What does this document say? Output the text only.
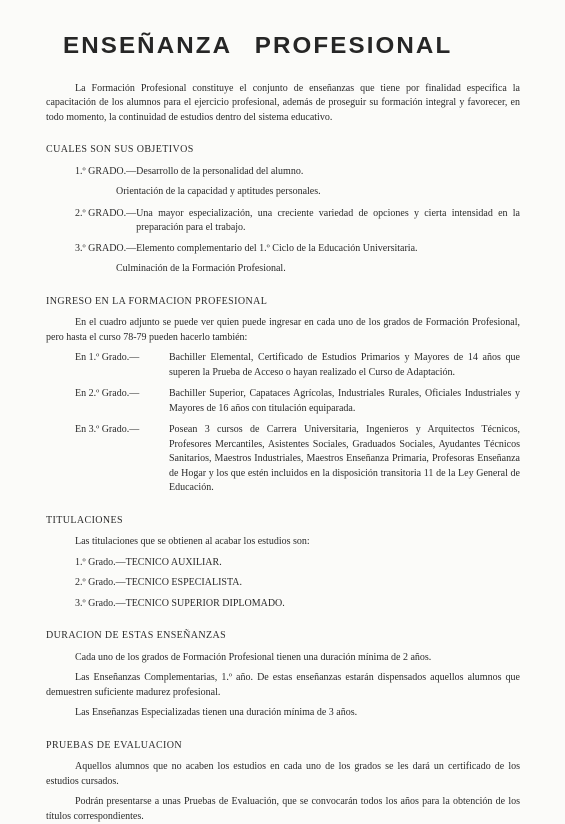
ENSEÑANZA PROFESIONAL

La Formación Profesional constituye el conjunto de enseñanzas que tiene por finalidad específica la capacitación de los alumnos para el ejercicio profesional, además de proseguir su formación integral y favorecer, en todo momento, la continuidad de estudios dentro del sistema educativo.

CUALES SON SUS OBJETIVOS

1.º GRADO.— Desarrollo de la personalidad del alumno.

Orientación de la capacidad y aptitudes personales.

2.º GRADO.— Una mayor especialización, una creciente variedad de opciones y cierta intensidad en la preparación para el trabajo.
3.º GRADO.— Elemento complementario del 1.º Ciclo de la Educación Universitaria.

Culminación de la Formación Profesional.

INGRESO EN LA FORMACION PROFESIONAL

En el cuadro adjunto se puede ver quien puede ingresar en cada uno de los grados de Formación Profesional, pero hasta el curso 78-79 pueden hacerlo también:

En 1.º Grado.—	Bachiller Elemental, Certificado de Estudios Primarios y Mayores de 14 años que superen la Prueba de Acceso o hayan realizado el Curso de Adaptación.
En 2.º Grado.—	Bachiller Superior, Capataces Agrícolas, Industriales Rurales, Oficiales Industriales y Mayores de 16 años con titulación equiparada.
En 3.º Grado.—	Posean 3 cursos de Carrera Universitaria, Ingenieros y Arquitectos Técnicos, Profesores Mercantiles, Asistentes Sociales, Graduados Sociales, Ayudantes Técnicos Sanitarios, Maestros Industriales, Maestros Enseñanza Primaria, Profesoras Enseñanza de Hogar y los que estén incluidos en la disposición transitoria 11 de la Ley General de Educación.

TITULACIONES

Las titulaciones que se obtienen al acabar los estudios son:

1.º Grado.—TECNICO AUXILIAR.

2.º Grado.—TECNICO ESPECIALISTA.

3.º Grado.—TECNICO SUPERIOR DIPLOMADO.

DURACION DE ESTAS ENSEÑANZAS

Cada uno de los grados de Formación Profesional tienen una duración mínima de 2 años.

Las Enseñanzas Complementarias, 1.º año. De estas enseñanzas estarán dispensados aquellos alumnos que demuestren suficiente madurez profesional.

Las Enseñanzas Especializadas tienen una duración mínima de 3 años.

PRUEBAS DE EVALUACION

Aquellos alumnos que no acaben los estudios en cada uno de los grados se les dará un certificado de los estudios cursados.

Podrán presentarse a unas Pruebas de Evaluación, que se convocarán todos los años para la obtención de los títulos correspondientes.
